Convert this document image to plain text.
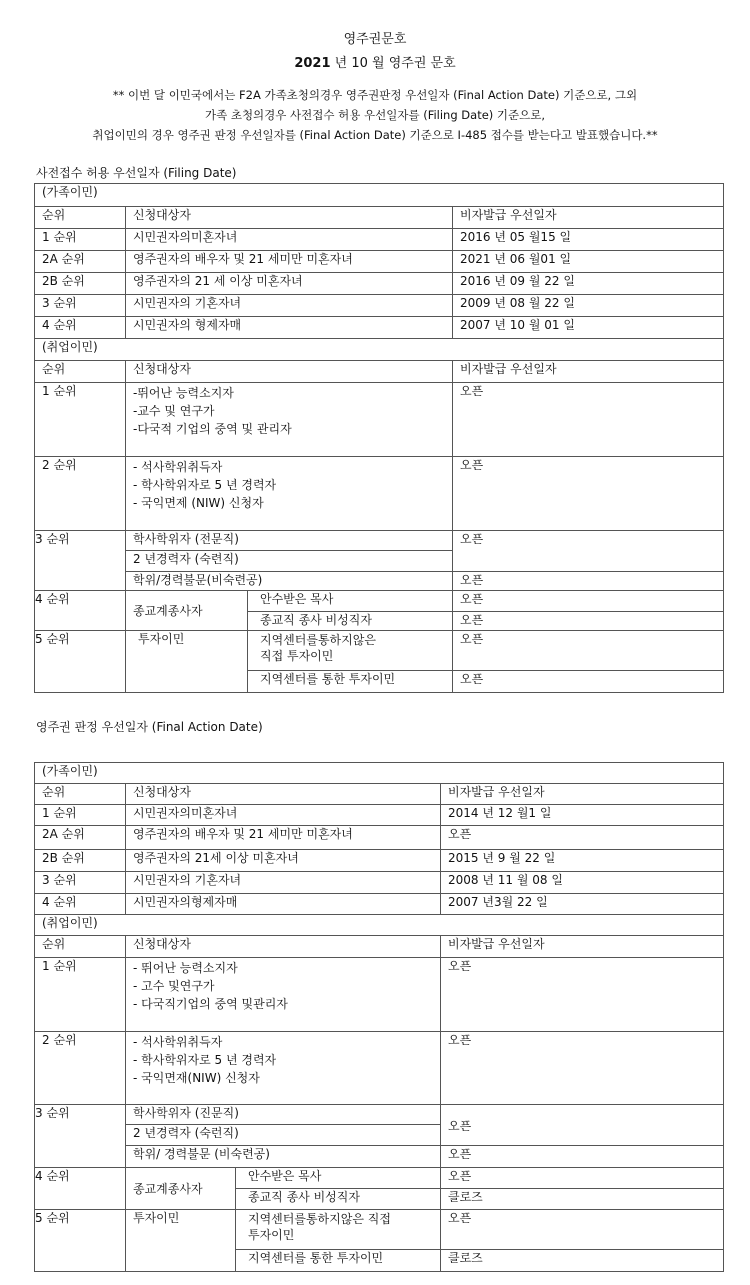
영주권문호
2021 년 10 월 영주권 문호
** 이번 달 이민국에서는 F2A 가족초청의경우 영주권판정 우선일자 (Final Action Date) 기준으로, 그외
가족 초청의경우 사전접수 허용 우선일자를 (Filing Date) 기준으로,
취업이민의 경우 영주권 판정 우선일자를 (Final Action Date) 기준으로 I-485 접수를 받는다고 발표했습니다.**
사전접수 허용 우선일자 (Filing Date)
(가족이민)			
순위	신청대상자		비자발급 우선일자
1 순위	시민권자의미혼자녀		2016 년 05 월15 일
2A 순위	영주권자의 배우자 및 21 세미만 미혼자녀		2021 년 06 월01 일
2B 순위	영주권자의 21 세 이상 미혼자녀		2016 년 09 월 22 일
3 순위	시민권자의 기혼자녀		2009 년 08 월 22 일
4 순위	시민권자의 형제자매		2007 년 10 월 01 일
(취업이민)			
순위	신청대상자		비자발급 우선일자
1 순위	-뛰어난 능력소지자
-교수 및 연구가
-다국적 기업의 중역 및 관리자		오픈
2 순위	- 석사학위취득자
- 학사학위자로 5 년 경력자
- 국익면제 (NIW) 신청자		오픈
3 순위	학사학위자 (전문직)		오픈
	2 년경력자 (숙련직)		
	학위/경력불문(비숙련공)		오픈
4 순위	종교계종사자	안수받은 목사	오픈
		종교직 종사 비성직자	오픈
5 순위	투자이민	지역센터를통하지않은
직접 투자이민	오픈
		지역센터를 통한 투자이민	오픈
영주권 판정 우선일자 (Final Action Date)
(가족이민)			
순위	신청대상자		비자발급 우선일자
1 순위	시민권자의미혼자녀		2014 년 12 월1 일
2A 순위	영주권자의 배우자 및 21 세미만 미혼자녀		오픈
2B 순위	영주권자의 21세 이상 미혼자녀		2015 년 9 월 22 일
3 순위	시민권자의 기혼자녀		2008 년 11 월 08 일
4 순위	시민권자의형제자매		2007 년3월 22 일
(취업이민)			
순위	신청대상자		비자발급 우선일자
1 순위	- 뛰어난 능력소지자
- 고수 및연구가
- 다국직기업의 중역 및관리자		오픈
2 순위	- 석사학위취득자
- 학사학위자로 5 년 경력자
- 국익면재(NIW) 신청자		오픈
3 순위	학사학위자 (진문직)		오픈
	2 년경력자 (숙런직)		
	학위/ 경력불문 (비숙련공)		오픈
4 순위	종교계종사자	안수받은 목사	오픈
		종교직 종사 비성직자	클로즈
5 순위	투자이민	지역센터를통하지않은 직접
투자이민	오픈
		지역센터를 통한 투자이민	클로즈
